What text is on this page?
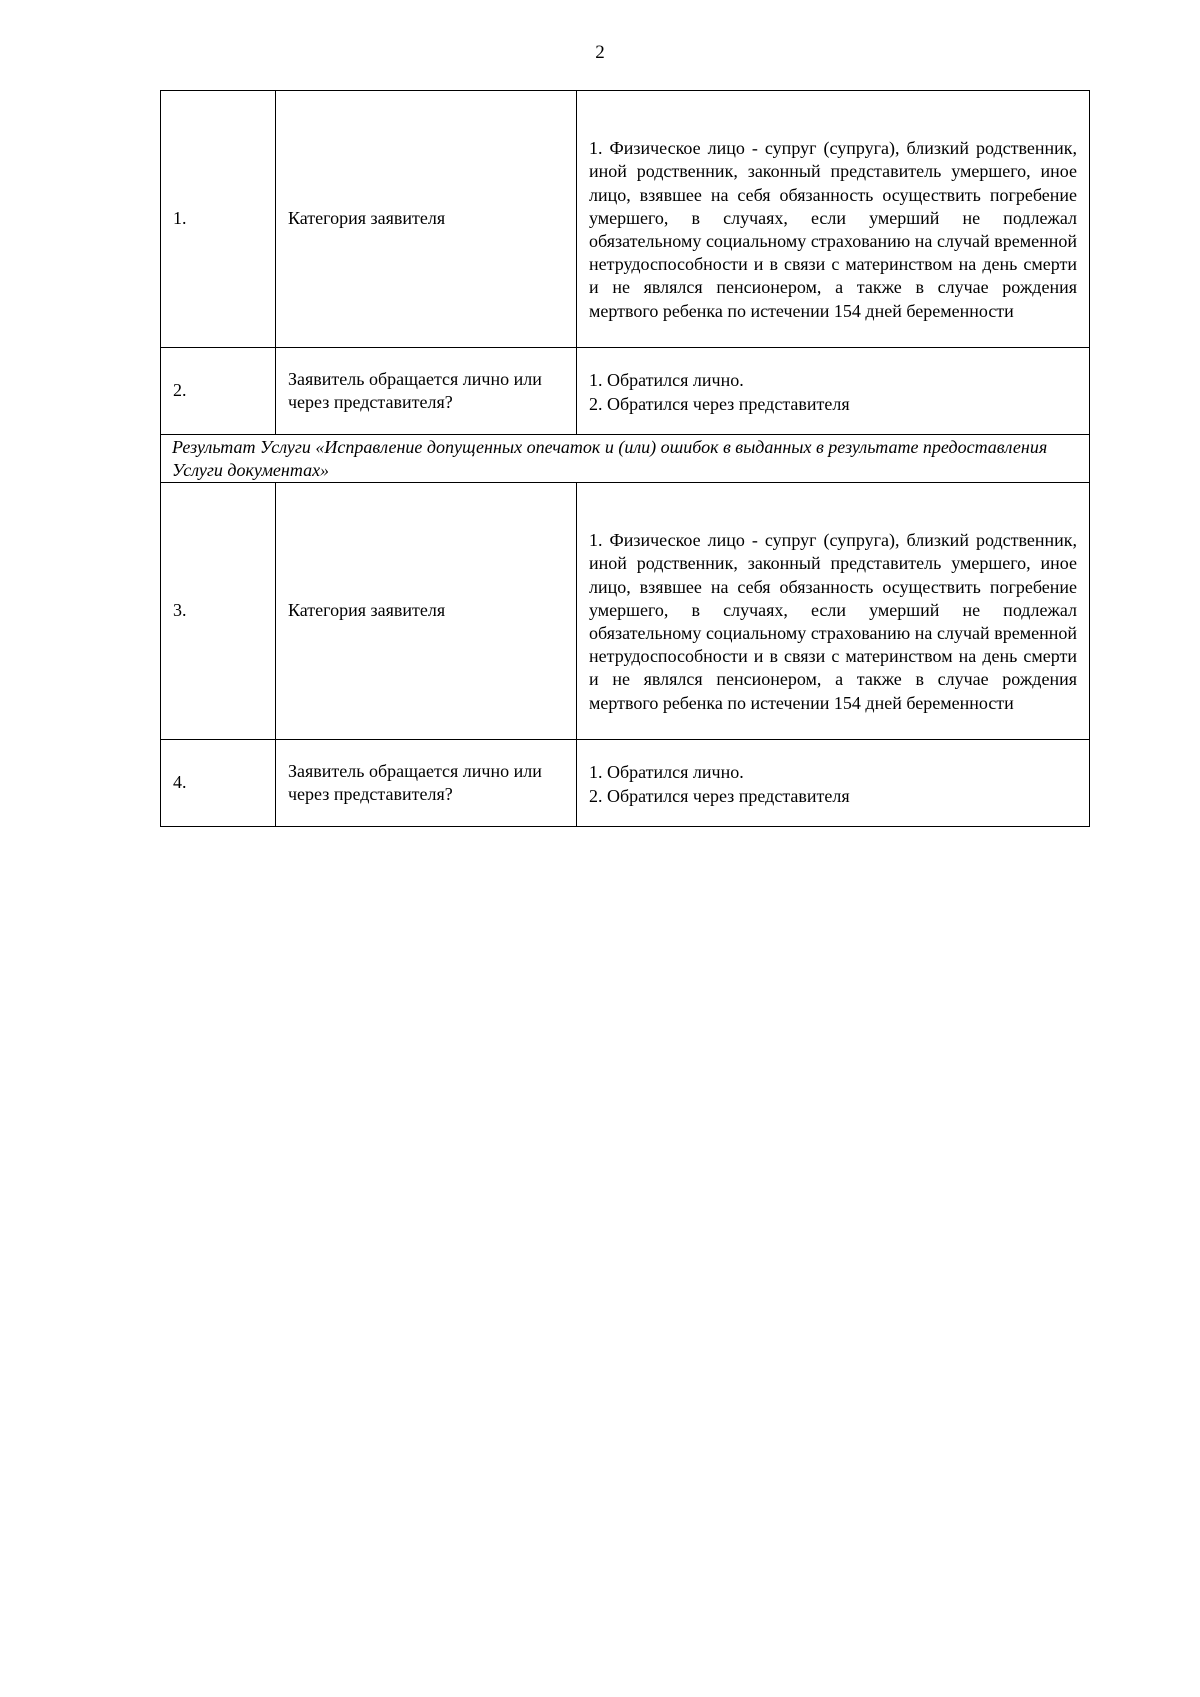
2
1.	Категория заявителя	1. Физическое лицо - супруг (супруга), близкий родственник, иной родственник, законный представитель умершего, иное лицо, взявшее на себя обязанность осуществить погребение умершего, в случаях, если умерший не подлежал обязательному социальному страхованию на случай временной нетрудоспособности и в связи с материнством на день смерти и не являлся пенсионером, а также в случае рождения мертвого ребенка по истечении 154 дней беременности

2.	Заявитель обращается лично или через представителя?	1. Обратился лично.
2. Обратился через представителя

Результат Услуги «Исправление допущенных опечаток и (или) ошибок в выданных в результате предоставления Услуги документах»		
3.	Категория заявителя	1. Физическое лицо - супруг (супруга), близкий родственник, иной родственник, законный представитель умершего, иное лицо, взявшее на себя обязанность осуществить погребение умершего, в случаях, если умерший не подлежал обязательному социальному страхованию на случай временной нетрудоспособности и в связи с материнством на день смерти и не являлся пенсионером, а также в случае рождения мертвого ребенка по истечении 154 дней беременности

4.	Заявитель обращается лично или через представителя?	1. Обратился лично.
2. Обратился через представителя
